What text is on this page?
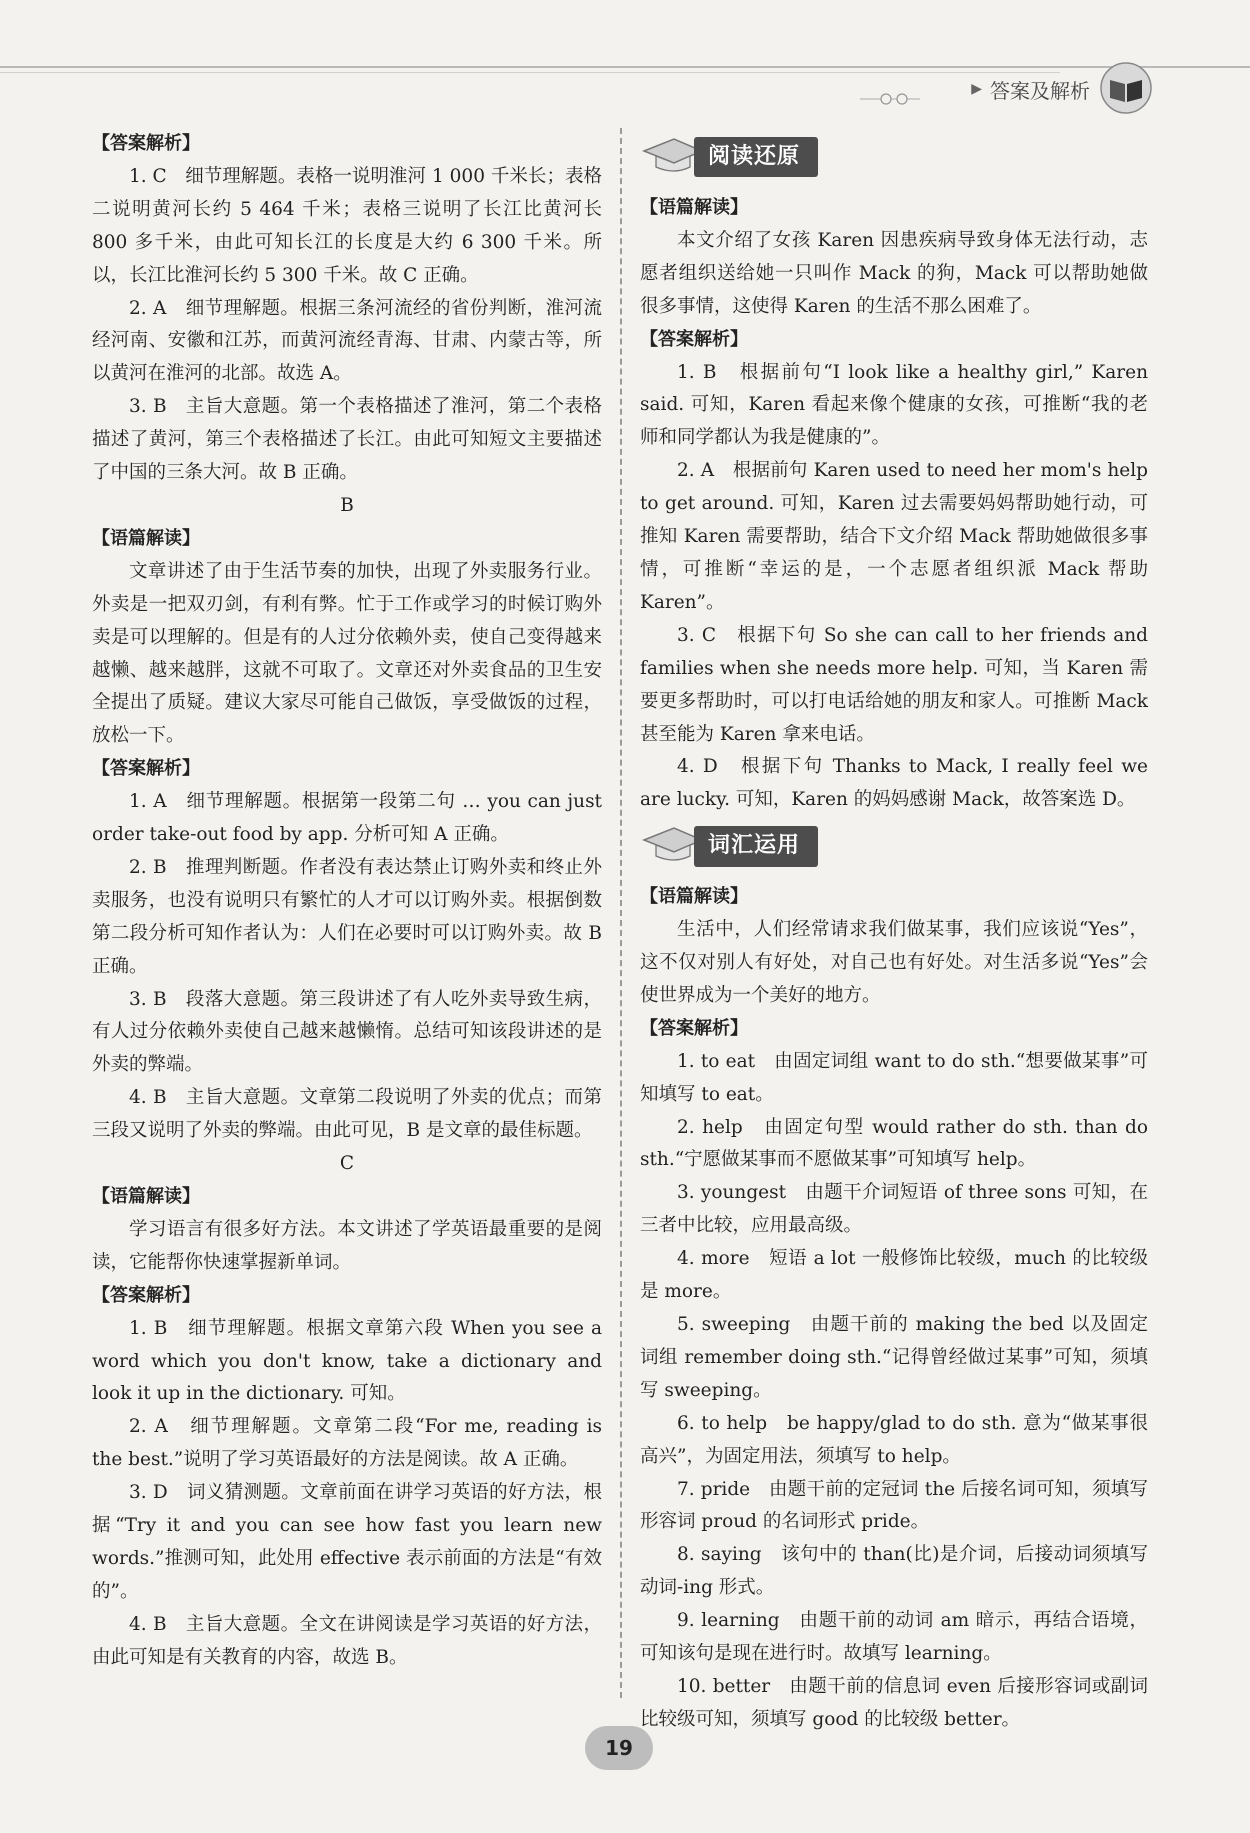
▶ 答案及解析

【答案解析】

1. C　细节理解题。表格一说明淮河 1 000 千米长；表格二说明黄河长约 5 464 千米；表格三说明了长江比黄河长 800 多千米，由此可知长江的长度是大约 6 300 千米。所以，长江比淮河长约 5 300 千米。故 C 正确。

2. A　细节理解题。根据三条河流经的省份判断，淮河流经河南、安徽和江苏，而黄河流经青海、甘肃、内蒙古等，所以黄河在淮河的北部。故选 A。

3. B　主旨大意题。第一个表格描述了淮河，第二个表格描述了黄河，第三个表格描述了长江。由此可知短文主要描述了中国的三条大河。故 B 正确。

B

【语篇解读】

文章讲述了由于生活节奏的加快，出现了外卖服务行业。外卖是一把双刃剑，有利有弊。忙于工作或学习的时候订购外卖是可以理解的。但是有的人过分依赖外卖，使自己变得越来越懒、越来越胖，这就不可取了。文章还对外卖食品的卫生安全提出了质疑。建议大家尽可能自己做饭，享受做饭的过程，放松一下。

【答案解析】

1. A　细节理解题。根据第一段第二句 … you can just order take-out food by app. 分析可知 A 正确。

2. B　推理判断题。作者没有表达禁止订购外卖和终止外卖服务，也没有说明只有繁忙的人才可以订购外卖。根据倒数第二段分析可知作者认为：人们在必要时可以订购外卖。故 B 正确。

3. B　段落大意题。第三段讲述了有人吃外卖导致生病，有人过分依赖外卖使自己越来越懒惰。总结可知该段讲述的是外卖的弊端。

4. B　主旨大意题。文章第二段说明了外卖的优点；而第三段又说明了外卖的弊端。由此可见，B 是文章的最佳标题。

C

【语篇解读】

学习语言有很多好方法。本文讲述了学英语最重要的是阅读，它能帮你快速掌握新单词。

【答案解析】

1. B　细节理解题。根据文章第六段 When you see a word which you don't know, take a dictionary and look it up in the dictionary. 可知。

2. A　细节理解题。文章第二段“For me, reading is the best.”说明了学习英语最好的方法是阅读。故 A 正确。

3. D　词义猜测题。文章前面在讲学习英语的好方法，根据“Try it and you can see how fast you learn new words.”推测可知，此处用 effective 表示前面的方法是“有效的”。

4. B　主旨大意题。全文在讲阅读是学习英语的好方法，由此可知是有关教育的内容，故选 B。

阅读还原

【语篇解读】

本文介绍了女孩 Karen 因患疾病导致身体无法行动，志愿者组织送给她一只叫作 Mack 的狗，Mack 可以帮助她做很多事情，这使得 Karen 的生活不那么困难了。

【答案解析】

1. B　根据前句“I look like a healthy girl,” Karen said. 可知，Karen 看起来像个健康的女孩，可推断“我的老师和同学都认为我是健康的”。

2. A　根据前句 Karen used to need her mom's help to get around. 可知，Karen 过去需要妈妈帮助她行动，可推知 Karen 需要帮助，结合下文介绍 Mack 帮助她做很多事情，可推断“幸运的是，一个志愿者组织派 Mack 帮助 Karen”。

3. C　根据下句 So she can call to her friends and families when she needs more help. 可知，当 Karen 需要更多帮助时，可以打电话给她的朋友和家人。可推断 Mack 甚至能为 Karen 拿来电话。

4. D　根据下句 Thanks to Mack, I really feel we are lucky. 可知，Karen 的妈妈感谢 Mack，故答案选 D。

词汇运用

【语篇解读】

生活中，人们经常请求我们做某事，我们应该说“Yes”，这不仅对别人有好处，对自己也有好处。对生活多说“Yes”会使世界成为一个美好的地方。

【答案解析】

1. to eat　由固定词组 want to do sth.“想要做某事”可知填写 to eat。

2. help　由固定句型 would rather do sth. than do sth.“宁愿做某事而不愿做某事”可知填写 help。

3. youngest　由题干介词短语 of three sons 可知，在三者中比较，应用最高级。

4. more　短语 a lot 一般修饰比较级，much 的比较级是 more。

5. sweeping　由题干前的 making the bed 以及固定词组 remember doing sth.“记得曾经做过某事”可知，须填写 sweeping。

6. to help　be happy/glad to do sth. 意为“做某事很高兴”，为固定用法，须填写 to help。

7. pride　由题干前的定冠词 the 后接名词可知，须填写形容词 proud 的名词形式 pride。

8. saying　该句中的 than(比)是介词，后接动词须填写动词-ing 形式。

9. learning　由题干前的动词 am 暗示，再结合语境，可知该句是现在进行时。故填写 learning。

10. better　由题干前的信息词 even 后接形容词或副词比较级可知，须填写 good 的比较级 better。

19
